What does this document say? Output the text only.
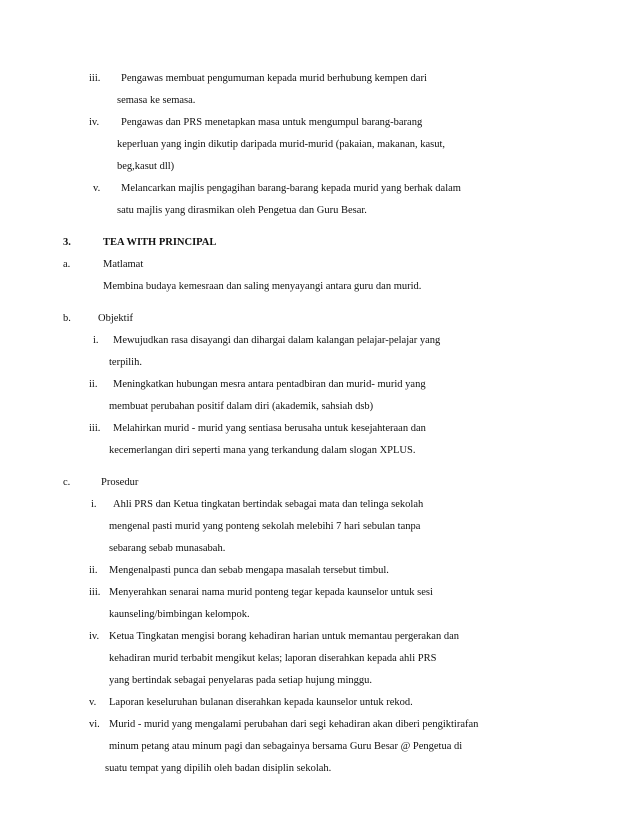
iii. Pengawas membuat pengumuman kepada murid berhubung kempen dari
semasa ke semasa.
iv. Pengawas dan PRS menetapkan masa untuk mengumpul barang-barang
keperluan yang ingin dikutip daripada murid-murid (pakaian, makanan, kasut,
beg,kasut dll)
v. Melancarkan majlis pengagihan barang-barang kepada murid yang berhak dalam
satu majlis yang dirasmikan oleh Pengetua dan Guru Besar.
3.	TEA WITH PRINCIPAL
a.	Matlamat
Membina budaya kemesraan dan saling menyayangi antara guru dan murid.
b.	Objektif
i. Mewujudkan rasa disayangi dan dihargai dalam kalangan pelajar-pelajar yang
terpilih.
ii. Meningkatkan hubungan mesra antara pentadbiran dan murid- murid yang
membuat perubahan positif dalam diri (akademik, sahsiah dsb)
iii. Melahirkan murid - murid yang sentiasa berusaha untuk kesejahteraan dan
kecemerlangan diri seperti mana yang terkandung dalam slogan XPLUS.
c.	Prosedur
i. Ahli PRS dan Ketua tingkatan bertindak sebagai mata dan telinga sekolah
mengenal pasti murid yang ponteng sekolah melebihi 7 hari sebulan tanpa
sebarang sebab munasabah.
ii. Mengenalpasti punca dan sebab mengapa masalah tersebut timbul.
iii. Menyerahkan senarai nama murid ponteng tegar kepada kaunselor untuk sesi
kaunseling/bimbingan kelompok.
iv. Ketua Tingkatan mengisi borang kehadiran harian untuk memantau pergerakan dan
kehadiran murid terbabit mengikut kelas; laporan diserahkan kepada ahli PRS
yang bertindak sebagai penyelaras pada setiap hujung minggu.
v. Laporan keseluruhan bulanan diserahkan kepada kaunselor untuk rekod.
vi. Murid - murid yang mengalami perubahan dari segi kehadiran akan diberi pengiktirafan
minum petang atau minum pagi dan sebagainya bersama Guru Besar @ Pengetua di
suatu tempat yang dipilih oleh badan disiplin sekolah.
